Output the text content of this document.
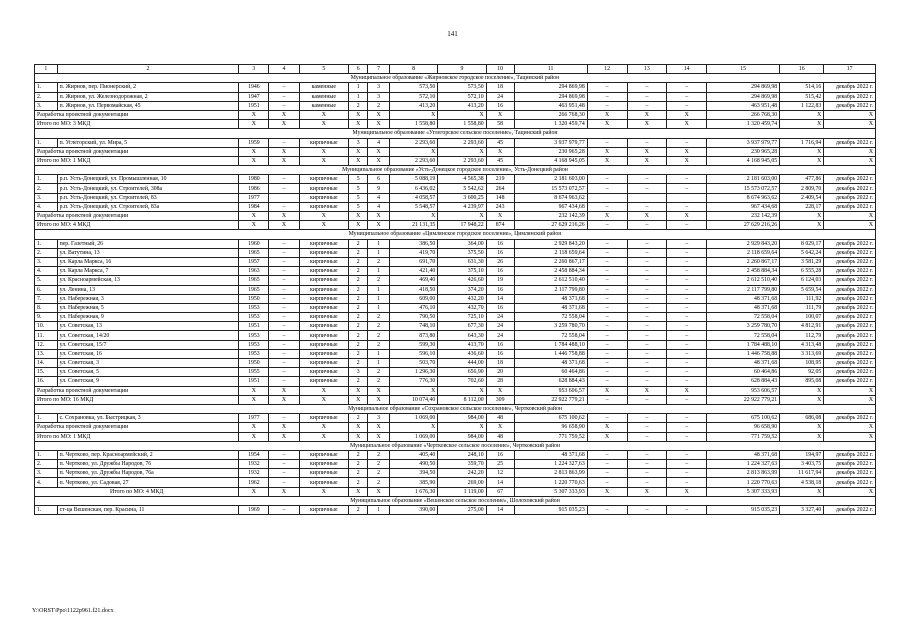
141
1	2	3	4	5	6	7	8	9	10	11	12	13	14	15	16	17
Муниципальное образование «Жирновское городское поселение», Тацинский район																
1.	п. Жирнов, пер. Пионерский, 2	1946	–	каменные	1	3	573,50	573,50	18	294 869,98	–	–	–	294 869,98	514,16	декабрь 2022 г.
2.	п. Жирнов, ул. Железнодорожная, 2	1947	–	каменные	1	3	572,10	572,10	24	294 869,98	–	–	–	294 869,98	515,42	декабрь 2022 г.
3.	п. Жирнов, ул. Первомайская, 45	1951	–	каменные	2	2	413,20	413,20	16	463 951,48	–	–	–	463 951,48	1 122,83	декабрь 2022 г.
Разработка проектной документации		X	X	X	X	X	X	X	X	266 768,30	X	X	X	266 768,30	X	X
Итого по МО: 3 МКД		X	X	X	X	X	1 558,80	1 558,80	58	1 320 459,74	X	X	X	1 320 459,74	X	X
Муниципальное образование «Углегорское сельское поселение», Тацинский район																
1.	п. Углегорский, ул. Мира, 5	1959	–	кирпичные	3	4	2 293,60	2 293,60	45	3 937 979,77	–	–	–	3 937 979,77	1 716,94	декабрь 2022 г.
Разработка проектной документации		X	X	X	X	X	X	X	X	230 965,28	X	X	X	230 965,28	X	X
Итого по МО: 1 МКД		X	X	X	X	X	2 293,60	2 293,60	45	4 168 945,05	X	X	X	4 168 945,05	X	X
Муниципальное образование «Усть-Донецкое городское поселение», Усть-Донецкий район																
1.	р.п. Усть-Донецкий, ул. Промышленная, 10	1980	–	кирпичные	5	6	5 088,19	4 565,38	219	2 181 603,00	–	–	–	2 181 603,00	477,86	декабрь 2022 г.
2.	р.п. Усть-Донецкий, ул. Строителей, 308а	1986	–	кирпичные	5	9	6 436,02	5 542,62	264	15 573 072,57	–	–	–	15 573 072,57	2 809,70	декабрь 2022 г.
3.	р.п. Усть-Донецкий, ул. Строителей, 83	1977		кирпичные	5	4	4 058,57	3 600,25	148	8 674 963,62				8 674 963,62	2 409,54	декабрь 2022 г.
4.	р.п. Усть-Донецкий, ул. Строителей, 83а	1984	–	кирпичные	5	4	5 548,57	4 239,97	243	967 434,68	–	–	–	967 434,68	228,17	декабрь 2022 г.
Разработка проектной документации		X	X	X	X	X	X	X	X	232 142,39	X	X	X	232 142,39	X	X
Итого по МО: 4 МКД		X	X	X	X	X	21 131,35	17 948,22	874	27 629 216,26	–	–	–	27 629 216,26	X	X
Муниципальное образование «Цимлянское городское поселение», Цимлянский район																
1.	пер. Газетный, 26	1960	–	кирпичные	2	1	386,50	364,00	16	2 929 843,20	–	–	–	2 929 843,20	8 029,17	декабрь 2022 г.
2.	ул. Ватутина, 13	1965	–	кирпичные	2	1	419,70	375,50	16	2 118 659,64	–	–	–	2 118 659,64	5 642,24	декабрь 2022 г.
3.	ул. Карла Маркса, 16	1957	–	кирпичные	2	2	691,70	631,30	26	2 260 867,17	–	–	–	2 260 867,17	3 581,29	декабрь 2022 г.
4.	ул. Карла Маркса, 7	1963	–	кирпичные	2	1	421,40	375,10	16	2 458 884,34	–	–	–	2 458 884,34	6 555,28	декабрь 2022 г.
5.	ул. Красноармейская, 13	1965	–	кирпичные	2	2	469,40	426,60	19	2 612 510,40	–	–	–	2 612 510,40	6 124,03	декабрь 2022 г.
6.	ул. Ленина, 13	1965	–	кирпичные	2	1	418,50	374,20	16	2 117 799,80	–	–	–	2 117 799,80	5 659,54	декабрь 2022 г.
7.	ул. Набережная, 3	1950	–	кирпичные	2	1	609,00	432,20	14	48 371,68	–	–	–	48 371,68	111,92	декабрь 2022 г.
8.	ул. Набережная, 5	1953	–	кирпичные	2	1	476,10	432,70	16	48 371,68	–	–	–	48 371,68	111,79	декабрь 2022 г.
9.	ул. Набережная, 9	1953	–	кирпичные	2	2	790,50	725,10	24	72 558,04	–	–	–	72 558,04	100,07	декабрь 2022 г.
10.	ул. Советская, 13	1951	–	кирпичные	2	2	748,10	677,30	24	3 259 780,70	–	–	–	3 259 780,70	4 812,91	декабрь 2022 г.
11.	ул. Советская, 14/20	1953	–	кирпичные	2	2	873,80	643,30	24	72 558,04	–	–	–	72 558,04	112,79	декабрь 2022 г.
12.	ул. Советская, 15/7	1953	–	кирпичные	2	2	599,30	413,70	16	1 784 488,10	–	–	–	1 784 488,10	4 313,48	декабрь 2022 г.
13.	ул. Советская, 16	1953	–	кирпичные	2	1	596,10	436,60	16	1 446 758,88	–	–	–	1 446 758,88	3 313,69	декабрь 2022 г.
14.	ул. Советская, 3	1950	–	кирпичные	2	1	503,70	444,00	18	48 371,68	–	–	–	48 371,68	108,95	декабрь 2022 г.
15.	ул. Советская, 5	1955	–	кирпичные	3	2	1 296,30	656,90	20	60 464,86	–	–	–	60 464,86	92,05	декабрь 2022 г.
16.	ул. Советская, 9	1951	–	кирпичные	2	2	776,30	702,60	28	628 884,43	–	–	–	628 884,43	895,08	декабрь 2022 г.
Разработка проектной документации		X	X	X	X	X	X	X	X	953 606,57	X	X	X	953 606,57	X	X
Итого по МО: 16 МКД		X	X	X	X	X	10 074,40	8 112,00	309	22 922 779,21	–	–	–	22 922 779,21	X	X
Муниципальное образование «Сохрановское сельское поселение», Чертковский район																
1.	с. Сохрановка, ул. Быстрицкая, 3	1977	–	кирпичные	2	3	1 069,00	984,00	48	675 100,62	–	–	–	675 100,62	686,08	декабрь 2022 г.
Разработка проектной документации		X	X	X	X	X	X	X	X	96 658,90	X	–	–	96 658,90	X	X
Итого по МО: 1 МКД		X	X	X	X	X	1 069,00	984,00	48	771 759,52	X	–	–	771 759,52	X	X
Муниципальное образование «Чертковское сельское поселение», Чертковский район																
1.	п. Чертково, пер. Красноармейский, 2	1954	–	кирпичные	2	2	405,40	248,10	16	48 371,68	–	–	–	48 371,68	194,97	декабрь 2022 г.
2.	п. Чертково, ул. Дружбы Народов, 76	1932	–	кирпичные	2	2	490,50	359,70	25	1 224 327,63	–	–	–	1 224 327,63	3 403,75	декабрь 2022 г.
3.	п. Чертково, ул. Дружбы Народов, 76а	1932	–	кирпичные	2	2	394,50	242,20	12	2 813 863,99	–	–	–	2 813 863,99	11 617,94	декабрь 2022 г.
4.	п. Чертково, ул. Садовая, 27	1962	–	кирпичные	2	2	385,90	269,00	14	1 220 770,63	–	–	–	1 220 770,63	4 538,18	декабрь 2022 г.
Итого по МО: 4 МКД		X	X	X	X	X	1 676,30	1 119,00	67	5 307 333,93	X	X	X	5 307 333,93	X	X
Муниципальное образование «Вешенское сельское поселение», Шолоховский район																
1.	ст-ца Вешенская, пер. Красина, 11	1969	–	кирпичные	2	1	390,00	275,00	14	915 035,23	–	–	–	915 035,23	3 327,40	декабрь 2022 г.
Y:\ORST\Ppo\1122p961.f21.docx
